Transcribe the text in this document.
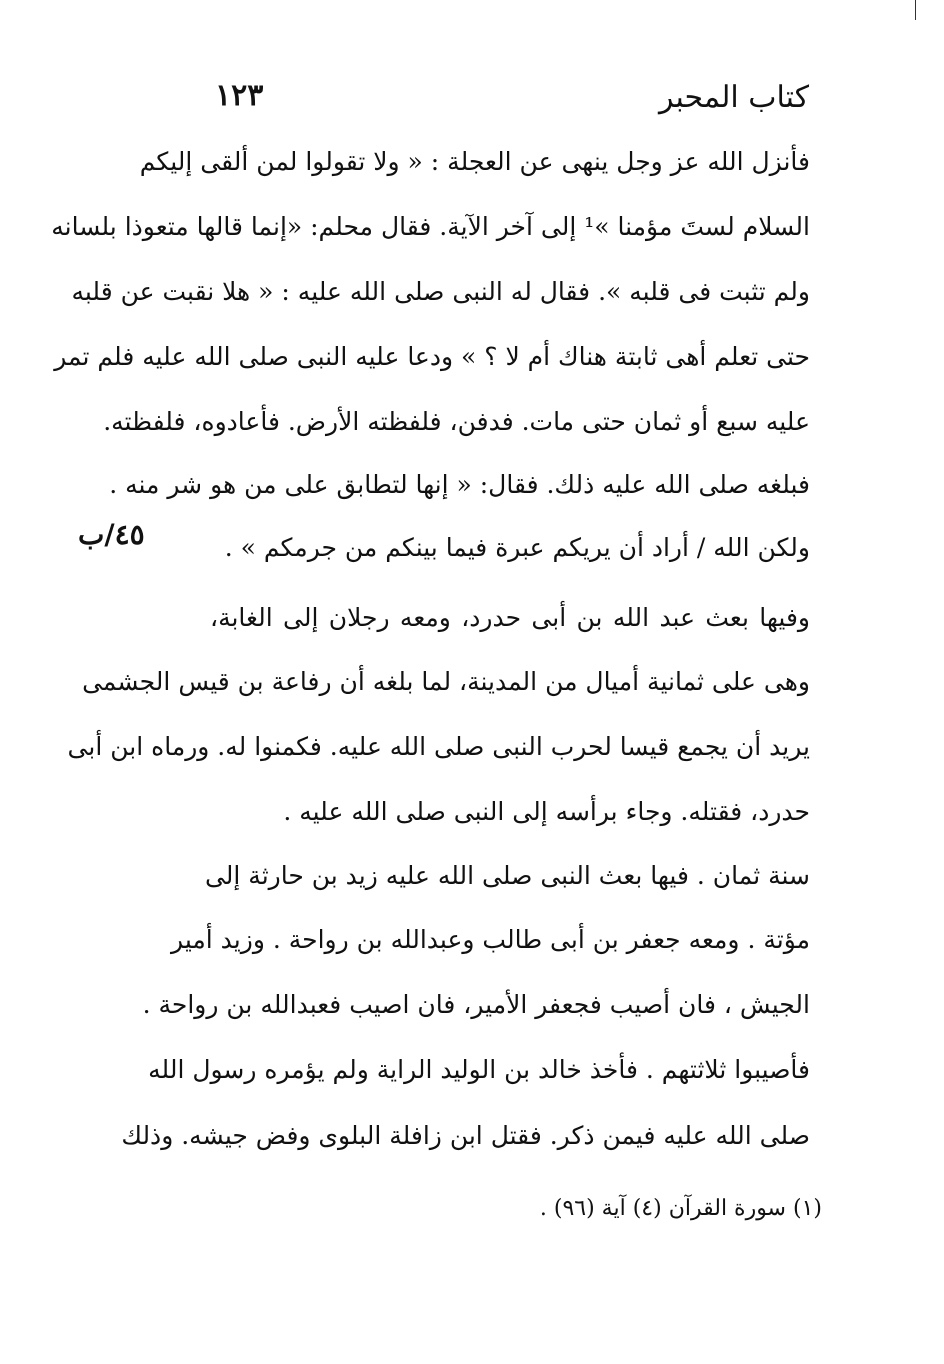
كتاب المحبر
١٢٣
فأنزل الله عز وجل ينهى عن العجلة : « ولا تقولوا لمن ألقى إليكم
السلام لستَ مؤمنا »¹ إلى آخر الآية. فقال محلم: «إنما قالها متعوذا بلسانه
ولم تثبت فى قلبه ». فقال له النبى صلى الله عليه : « هلا نقبت عن قلبه
حتى تعلم أهى ثابتة هناك أم لا ؟ » ودعا عليه النبى صلى الله عليه فلم تمر
عليه سبع أو ثمان حتى مات. فدفن، فلفظته الأرض. فأعادوه، فلفظته.
فبلغه صلى الله عليه ذلك. فقال: « إنها لتطابق على من هو شر منه .
ولكن الله / أراد أن يريكم عبرة فيما بينكم من جرمكم » .
٤٥/ب
وفيها بعث عبد الله بن أبى حدرد، ومعه رجلان إلى الغابة،
وهى على ثمانية أميال من المدينة، لما بلغه أن رفاعة بن قيس الجشمى
يريد أن يجمع قيسا لحرب النبى صلى الله عليه. فكمنوا له. ورماه ابن أبى
حدرد، فقتله. وجاء برأسه إلى النبى صلى الله عليه .
سنة ثمان . فيها بعث النبى صلى الله عليه زيد بن حارثة إلى
مؤتة . ومعه جعفر بن أبى طالب وعبدالله بن رواحة . وزيد أمير
الجيش ، فان أصيب فجعفر الأمير، فان اصيب فعبدالله بن رواحة .
فأصيبوا ثلاثتهم . فأخذ خالد بن الوليد الراية ولم يؤمره رسول الله
صلى الله عليه فيمن ذكر. فقتل ابن زافلة البلوى وفض جيشه. وذلك
(١) سورة القرآن (٤) آية (٩٦) .
